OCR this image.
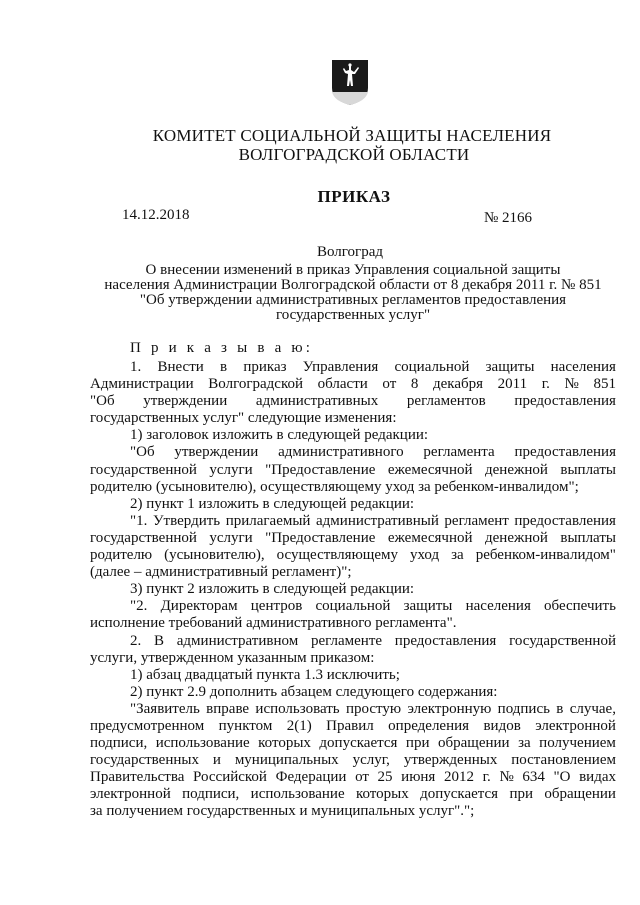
КОМИТЕТ СОЦИАЛЬНОЙ ЗАЩИТЫ НАСЕЛЕНИЯ
ВОЛГОГРАДСКОЙ ОБЛАСТИ
ПРИКАЗ
14.12.2018	№ 2166
Волгоград
О внесении изменений в приказ Управления социальной защиты
населения Администрации Волгоградской области от 8 декабря 2011 г. № 851
"Об утверждении административных регламентов предоставления
государственных услуг"
П р и к а з ы в а ю:
1. Внести в приказ Управления социальной защиты населения
Администрации Волгоградской области от 8 декабря 2011 г. № 851
"Об утверждении административных регламентов предоставления
государственных услуг" следующие изменения:
1) заголовок изложить в следующей редакции:
"Об утверждении административного регламента предоставления
государственной услуги "Предоставление ежемесячной денежной выплаты
родителю (усыновителю), осуществляющему уход за ребенком-инвалидом";
2) пункт 1 изложить в следующей редакции:
"1. Утвердить прилагаемый административный регламент предоставления
государственной услуги "Предоставление ежемесячной денежной выплаты
родителю (усыновителю), осуществляющему уход за ребенком-инвалидом"
(далее – административный регламент)";
3) пункт 2 изложить в следующей редакции:
"2. Директорам центров социальной защиты населения обеспечить
исполнение требований административного регламента".
2. В административном регламенте предоставления государственной
услуги, утвержденном указанным приказом:
1) абзац двадцатый пункта 1.3 исключить;
2) пункт 2.9 дополнить абзацем следующего содержания:
"Заявитель вправе использовать простую электронную подпись в случае,
предусмотренном пунктом 2(1) Правил определения видов электронной
подписи, использование которых допускается при обращении за получением
государственных и муниципальных услуг, утвержденных постановлением
Правительства Российской Федерации от 25 июня 2012 г. № 634 "О видах
электронной подписи, использование которых допускается при обращении
за получением государственных и муниципальных услуг".";
